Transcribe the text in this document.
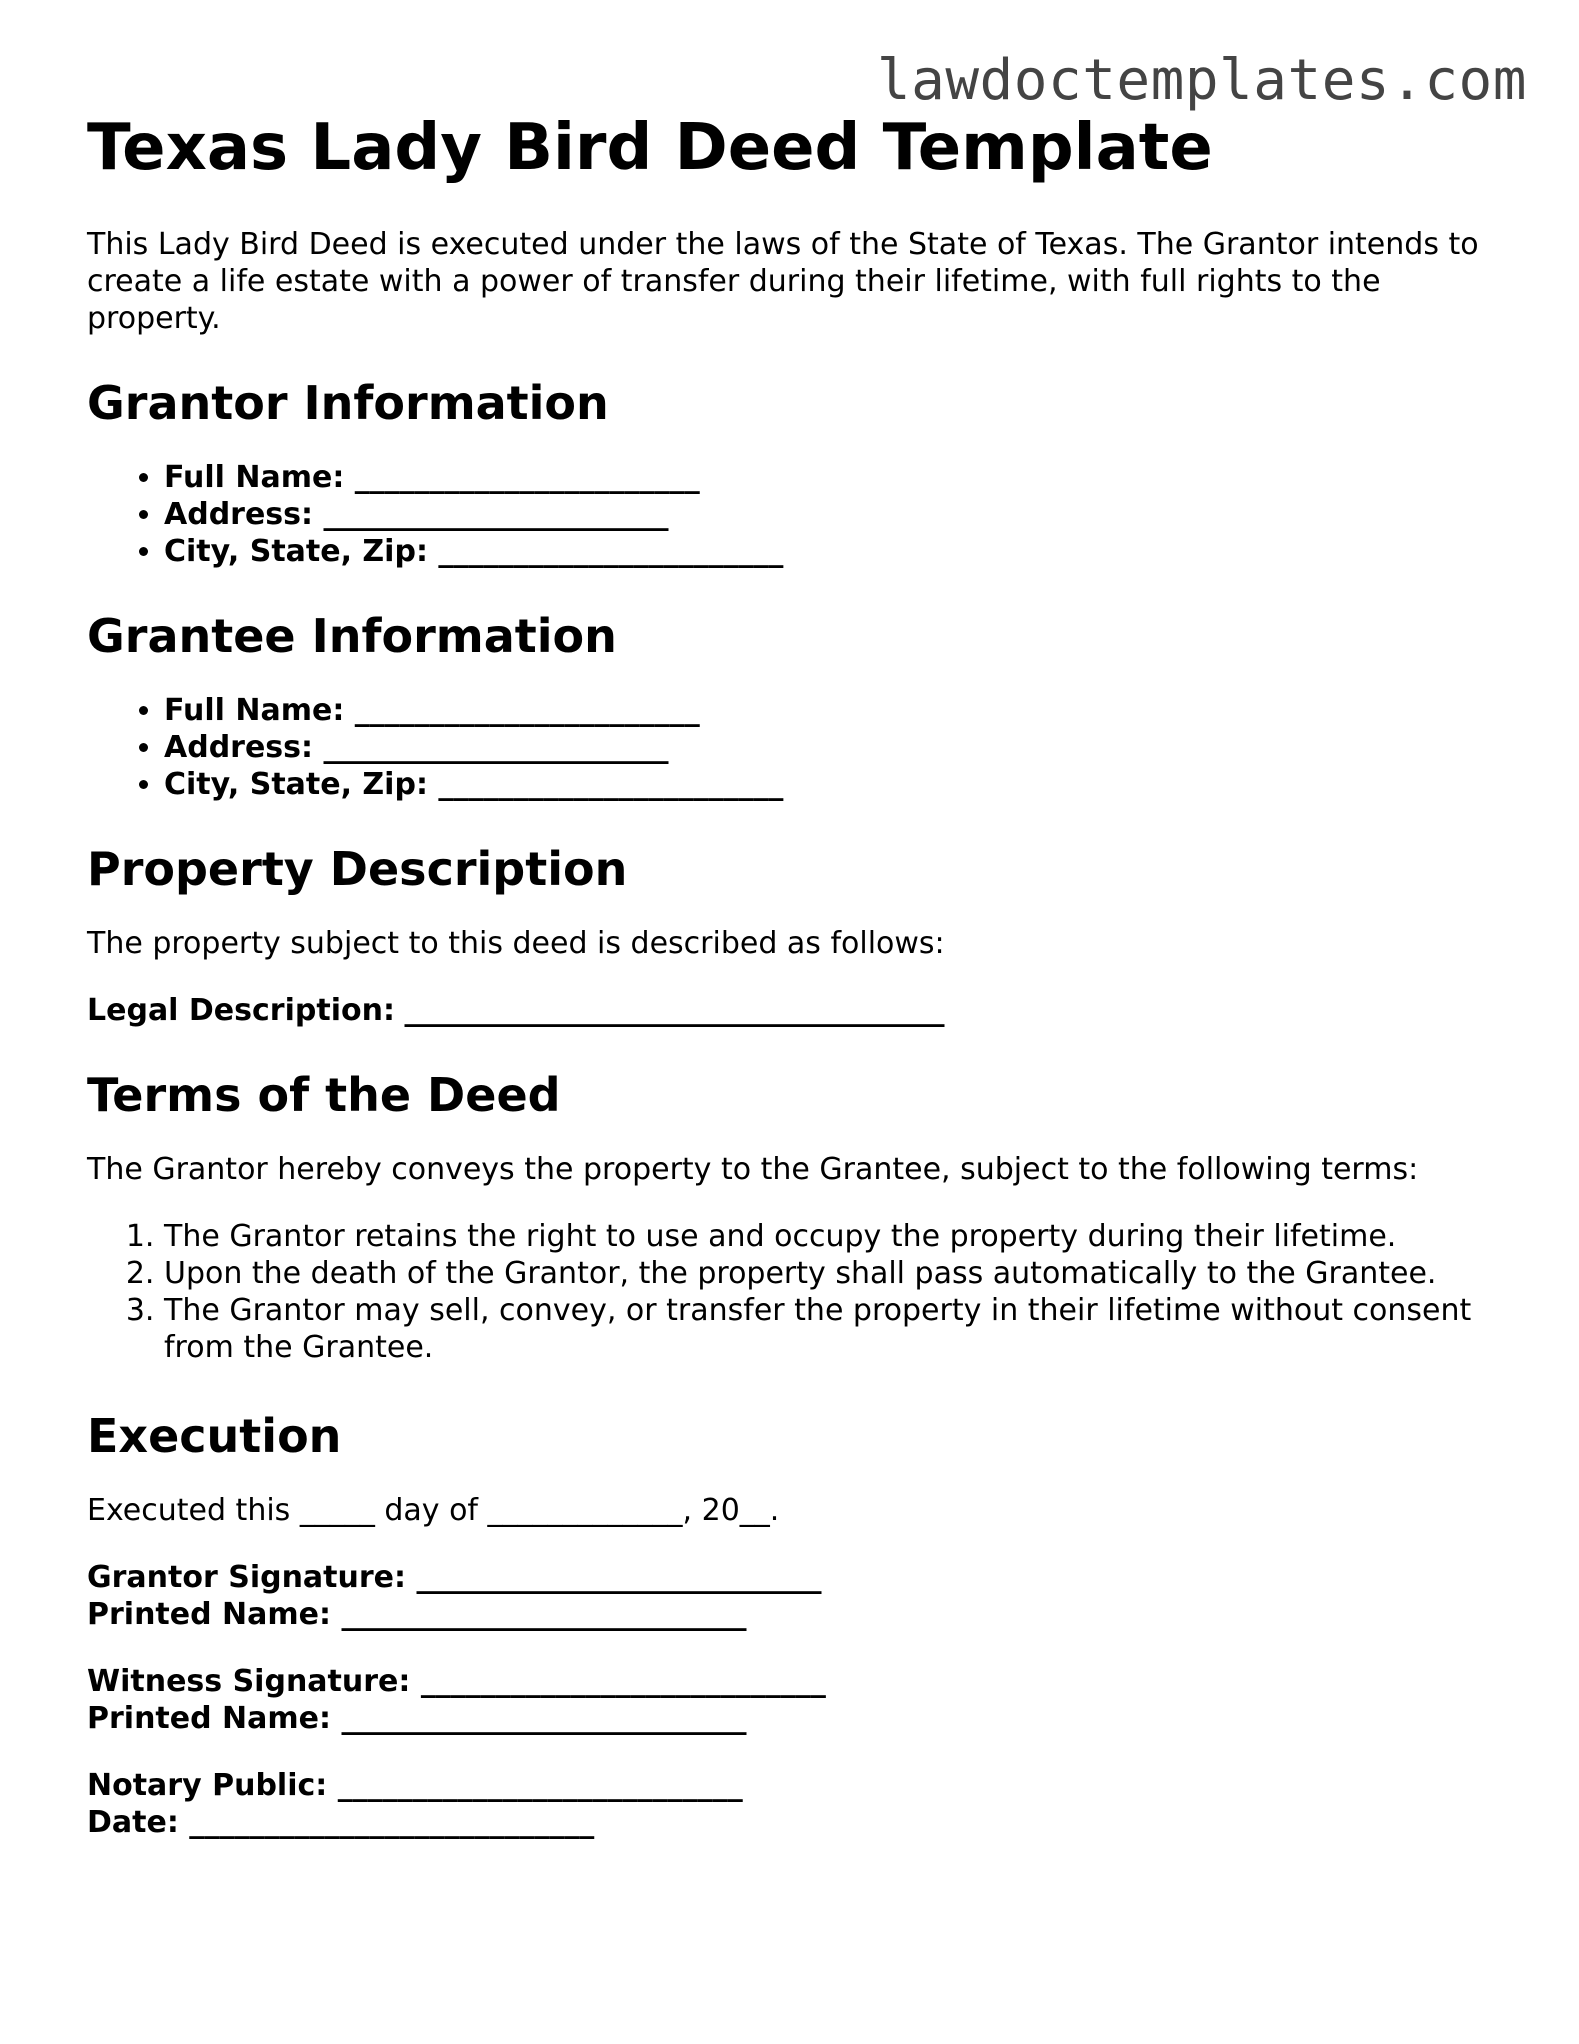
lawdoctemplates.com
Texas Lady Bird Deed Template

This Lady Bird Deed is executed under the laws of the State of Texas. The Grantor intends to create a life estate with a power of transfer during their lifetime, with full rights to the property.

Grantor Information
• Full Name: _______________________
• Address: _______________________
• City, State, Zip: _______________________
Grantee Information
• Full Name: _______________________
• Address: _______________________
• City, State, Zip: _______________________
Property Description

The property subject to this deed is described as follows:

Legal Description: ____________________________________

Terms of the Deed

The Grantor hereby conveys the property to the Grantee, subject to the following terms:

1. The Grantor retains the right to use and occupy the property during their lifetime.
2. Upon the death of the Grantor, the property shall pass automatically to the Grantee.
3. The Grantor may sell, convey, or transfer the property in their lifetime without consent from the Grantee.
Execution

Executed this _____ day of _____________, 20__.

Grantor Signature: ___________________________
Printed Name: ___________________________
Witness Signature: ___________________________
Printed Name: ___________________________
Notary Public: ___________________________
Date: ___________________________
